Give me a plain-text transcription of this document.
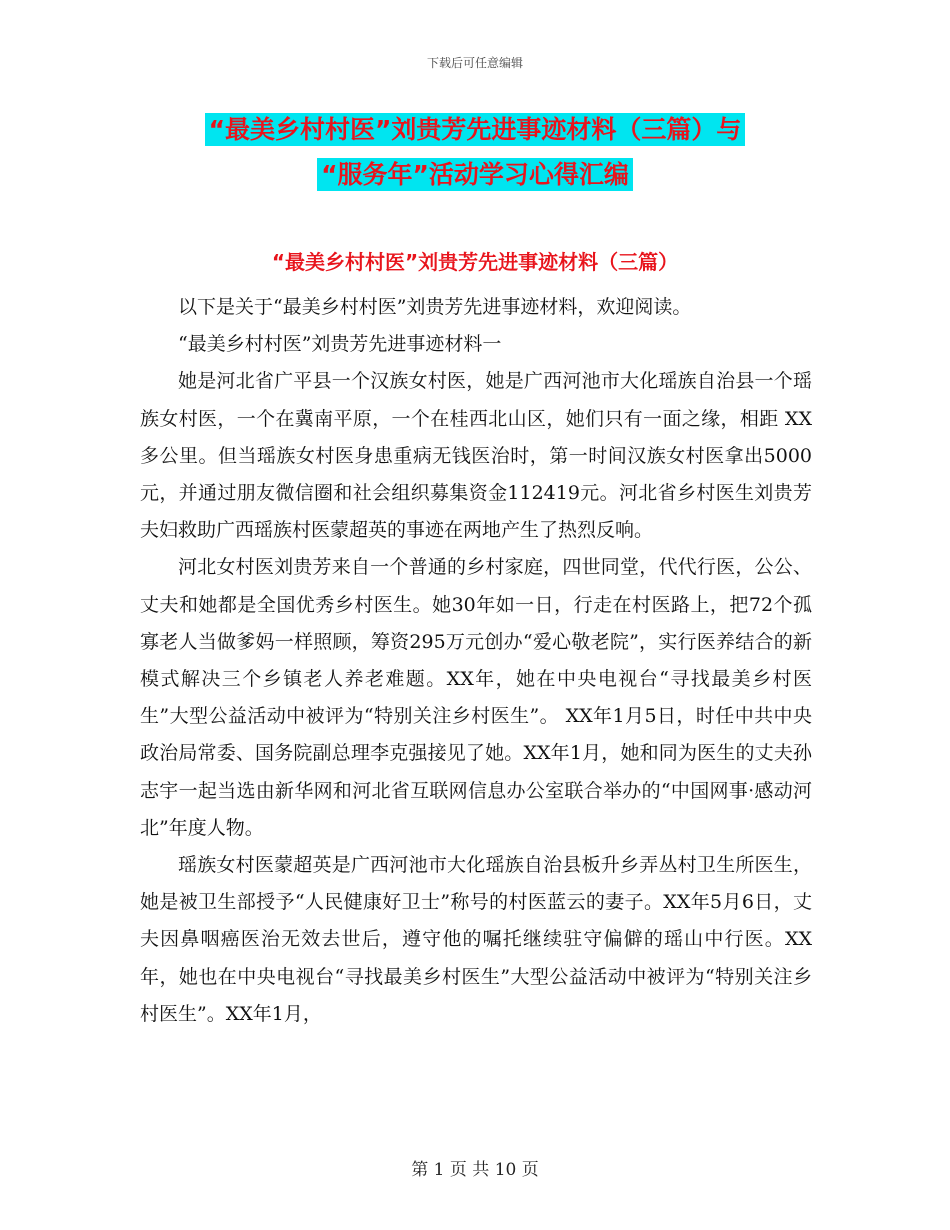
下载后可任意编辑
“最美乡村村医”刘贵芳先进事迹材料（三篇）与
“服务年”活动学习心得汇编
“最美乡村村医”刘贵芳先进事迹材料（三篇）

以下是关于“最美乡村村医”刘贵芳先进事迹材料，欢迎阅读。

“最美乡村村医”刘贵芳先进事迹材料一

她是河北省广平县一个汉族女村医，她是广西河池市大化瑶族自治县一个瑶族女村医，一个在冀南平原，一个在桂西北山区，她们只有一面之缘，相距 XX 多公里。但当瑶族女村医身患重病无钱医治时，第一时间汉族女村医拿出5000元，并通过朋友微信圈和社会组织募集资金112419元。河北省乡村医生刘贵芳夫妇救助广西瑶族村医蒙超英的事迹在两地产生了热烈反响。

河北女村医刘贵芳来自一个普通的乡村家庭，四世同堂，代代行医，公公、丈夫和她都是全国优秀乡村医生。她30年如一日，行走在村医路上，把72个孤寡老人当做爹妈一样照顾，筹资295万元创办“爱心敬老院”，实行医养结合的新模式解决三个乡镇老人养老难题。XX年，她在中央电视台“寻找最美乡村医生”大型公益活动中被评为“特别关注乡村医生”。 XX年1月5日，时任中共中央政治局常委、国务院副总理李克强接见了她。XX年1月，她和同为医生的丈夫孙志宇一起当选由新华网和河北省互联网信息办公室联合举办的“中国网事·感动河北”年度人物。

瑶族女村医蒙超英是广西河池市大化瑶族自治县板升乡弄丛村卫生所医生，她是被卫生部授予“人民健康好卫士”称号的村医蓝云的妻子。XX年5月6日，丈夫因鼻咽癌医治无效去世后，遵守他的嘱托继续驻守偏僻的瑶山中行医。XX年，她也在中央电视台“寻找最美乡村医生”大型公益活动中被评为“特别关注乡村医生”。XX年1月，

第 1 页 共 10 页
